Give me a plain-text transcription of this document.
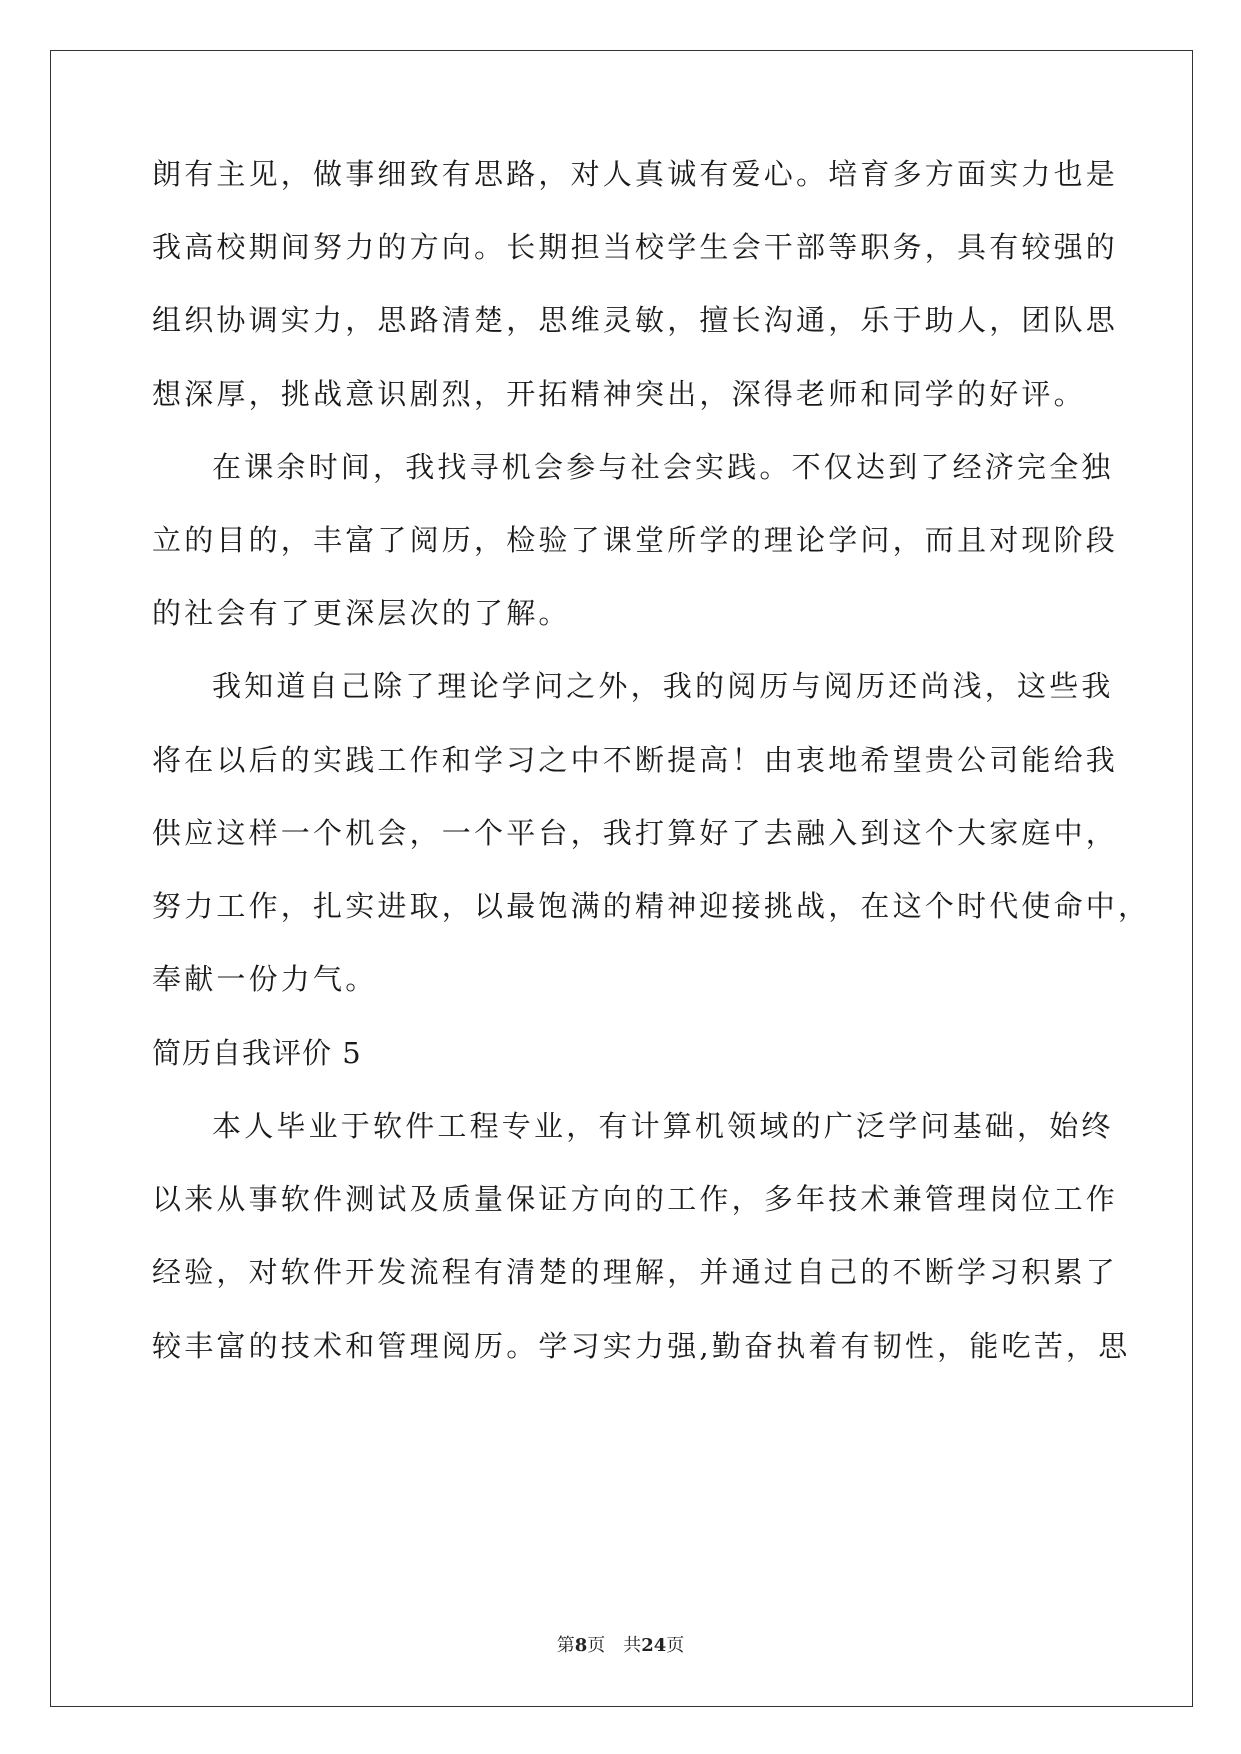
朗有主见，做事细致有思路，对人真诚有爱心。培育多方面实力也是
我高校期间努力的方向。长期担当校学生会干部等职务，具有较强的
组织协调实力，思路清楚，思维灵敏，擅长沟通，乐于助人，团队思
想深厚，挑战意识剧烈，开拓精神突出，深得老师和同学的好评。
在课余时间，我找寻机会参与社会实践。不仅达到了经济完全独
立的目的，丰富了阅历，检验了课堂所学的理论学问，而且对现阶段
的社会有了更深层次的了解。
我知道自己除了理论学问之外，我的阅历与阅历还尚浅，这些我
将在以后的实践工作和学习之中不断提高！由衷地希望贵公司能给我
供应这样一个机会，一个平台，我打算好了去融入到这个大家庭中，
努力工作，扎实进取，以最饱满的精神迎接挑战，在这个时代使命中，
奉献一份力气。
简历自我评价 5
本人毕业于软件工程专业，有计算机领域的广泛学问基础，始终
以来从事软件测试及质量保证方向的工作，多年技术兼管理岗位工作
经验，对软件开发流程有清楚的理解，并通过自己的不断学习积累了
较丰富的技术和管理阅历。学习实力强,勤奋执着有韧性，能吃苦，思
第8页　共24页
